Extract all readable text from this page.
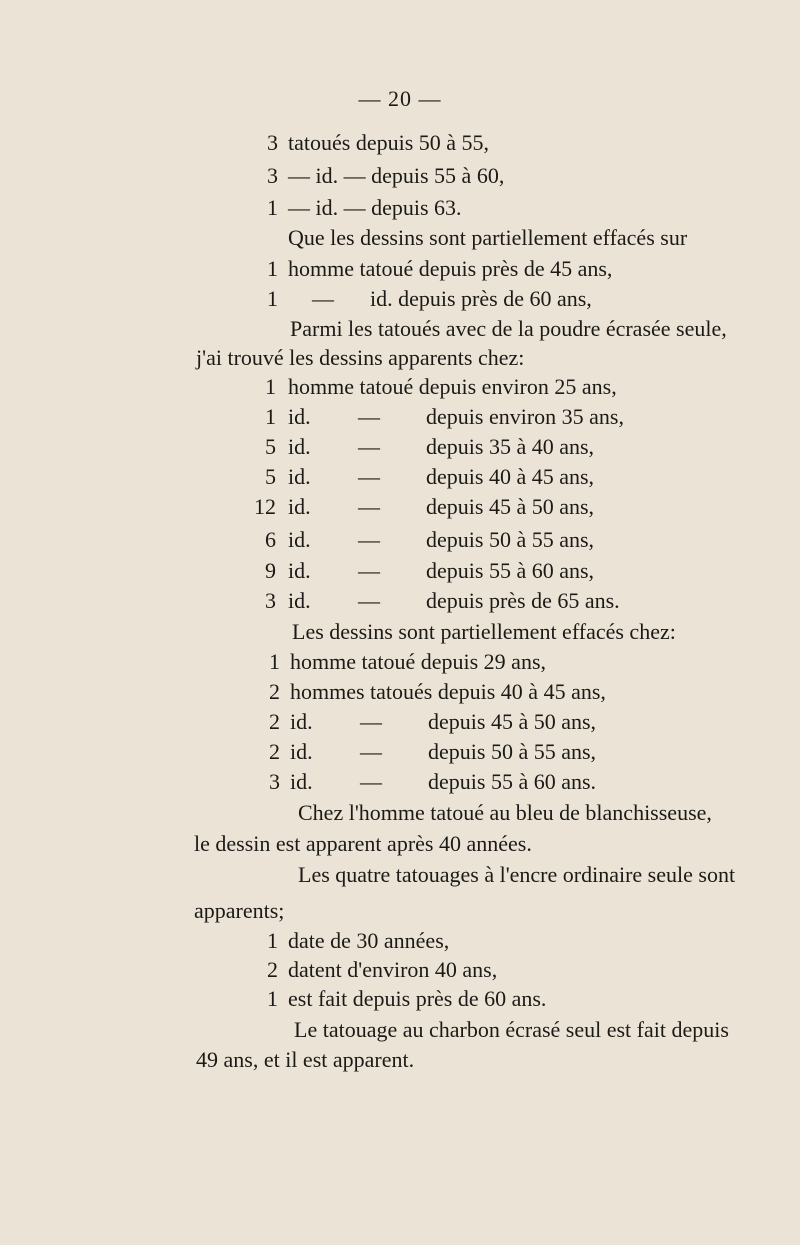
— 20 —
3 tatoués depuis 50 à 55,
3 — id. — depuis 55 à 60,
1 — id. — depuis 63.
Que les dessins sont partiellement effacés sur
1 homme tatoué depuis près de 45 ans,
1 — id. depuis près de 60 ans,
Parmi les tatoués avec de la poudre écrasée seule,
j'ai trouvé les dessins apparents chez:
1 homme tatoué depuis environ 25 ans,
1 id. — depuis environ 35 ans,
5 id. — depuis 35 à 40 ans,
5 id. — depuis 40 à 45 ans,
12 id. — depuis 45 à 50 ans,
6 id. — depuis 50 à 55 ans,
9 id. — depuis 55 à 60 ans,
3 id. — depuis près de 65 ans.
Les dessins sont partiellement effacés chez:
1 homme tatoué depuis 29 ans,
2 hommes tatoués depuis 40 à 45 ans,
2 id. — depuis 45 à 50 ans,
2 id. — depuis 50 à 55 ans,
3 id. — depuis 55 à 60 ans.
Chez l'homme tatoué au bleu de blanchisseuse,
le dessin est apparent après 40 années.
Les quatre tatouages à l'encre ordinaire seule sont
apparents;
1 date de 30 années,
2 datent d'environ 40 ans,
1 est fait depuis près de 60 ans.
Le tatouage au charbon écrasé seul est fait depuis
49 ans, et il est apparent.
